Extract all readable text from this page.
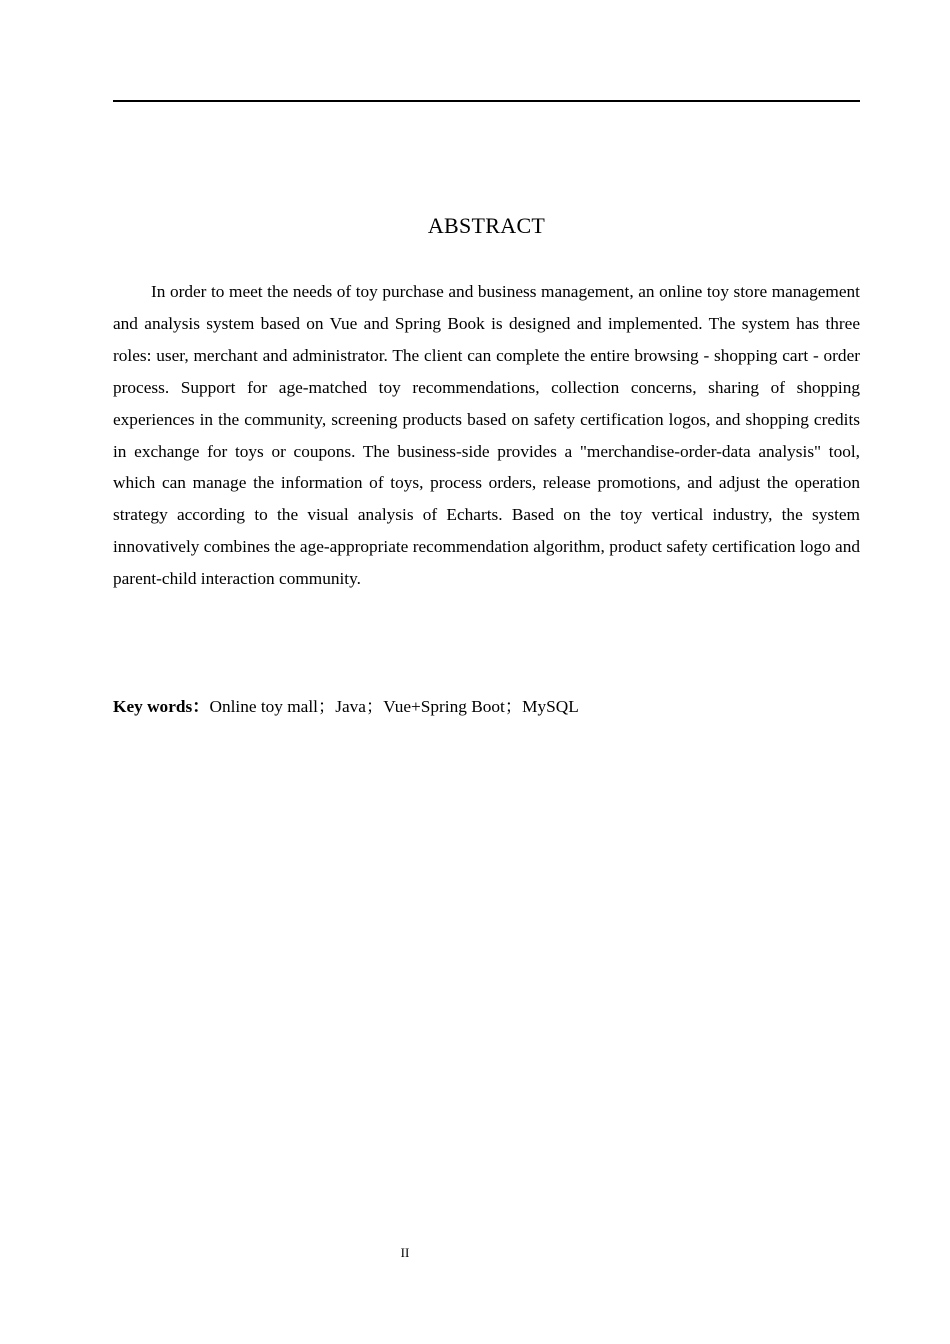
ABSTRACT

In order to meet the needs of toy purchase and business management, an online toy store management and analysis system based on Vue and Spring Book is designed and implemented. The system has three roles: user, merchant and administrator. The client can complete the entire browsing - shopping cart - order process. Support for age-matched toy recommendations, collection concerns, sharing of shopping experiences in the community, screening products based on safety certification logos, and shopping credits in exchange for toys or coupons. The business-side provides a "merchandise-order-data analysis" tool, which can manage the information of toys, process orders, release promotions, and adjust the operation strategy according to the visual analysis of Echarts. Based on the toy vertical industry, the system innovatively combines the age-appropriate recommendation algorithm, product safety certification logo and parent-child interaction community.

Key words：Online toy mall；Java；Vue+Spring Boot；MySQL

II
